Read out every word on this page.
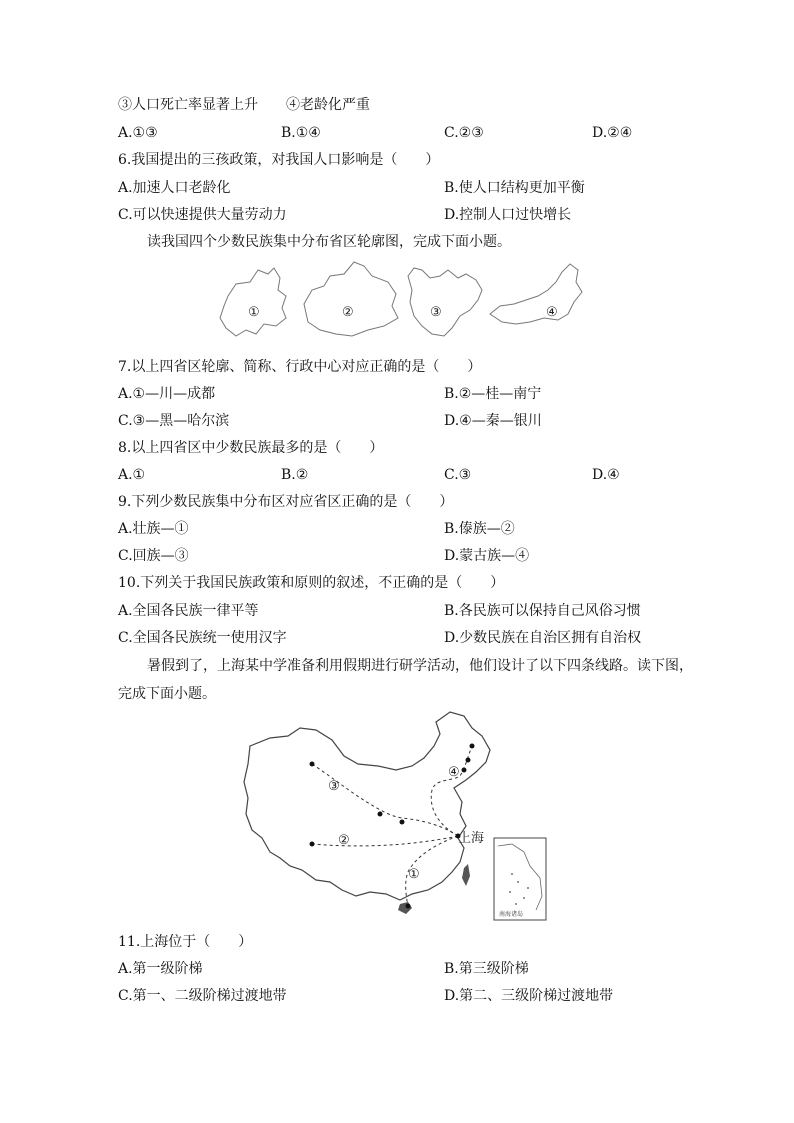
③人口死亡率显著上升 ④老龄化严重
A.①③	B.①④	C.②③	D.②④
6.我国提出的三孩政策，对我国人口影响是（　　）
A.加速人口老龄化	B.使人口结构更加平衡
C.可以快速提供大量劳动力	D.控制人口过快增长
读我国四个少数民族集中分布省区轮廓图，完成下面小题。
①	②	③	④
7.以上四省区轮廓、简称、行政中心对应正确的是（　　）
A.①—川—成都	B.②—桂—南宁
C.③—黑—哈尔滨	D.④—秦—银川
8.以上四省区中少数民族最多的是（　　）
A.①	B.②	C.③	D.④
9.下列少数民族集中分布区对应省区正确的是（　　）
A.壮族—①	B.傣族—②
C.回族—③	D.蒙古族—④
10.下列关于我国民族政策和原则的叙述，不正确的是（　　）
A.全国各民族一律平等	B.各民族可以保持自己风俗习惯
C.全国各民族统一使用汉字	D.少数民族在自治区拥有自治权
暑假到了，上海某中学准备利用假期进行研学活动，他们设计了以下四条线路。读下图，
完成下面小题。
南海诸岛
①
②
③
④
上海
11.上海位于（　　）
A.第一级阶梯	B.第三级阶梯
C.第一、二级阶梯过渡地带	D.第二、三级阶梯过渡地带
